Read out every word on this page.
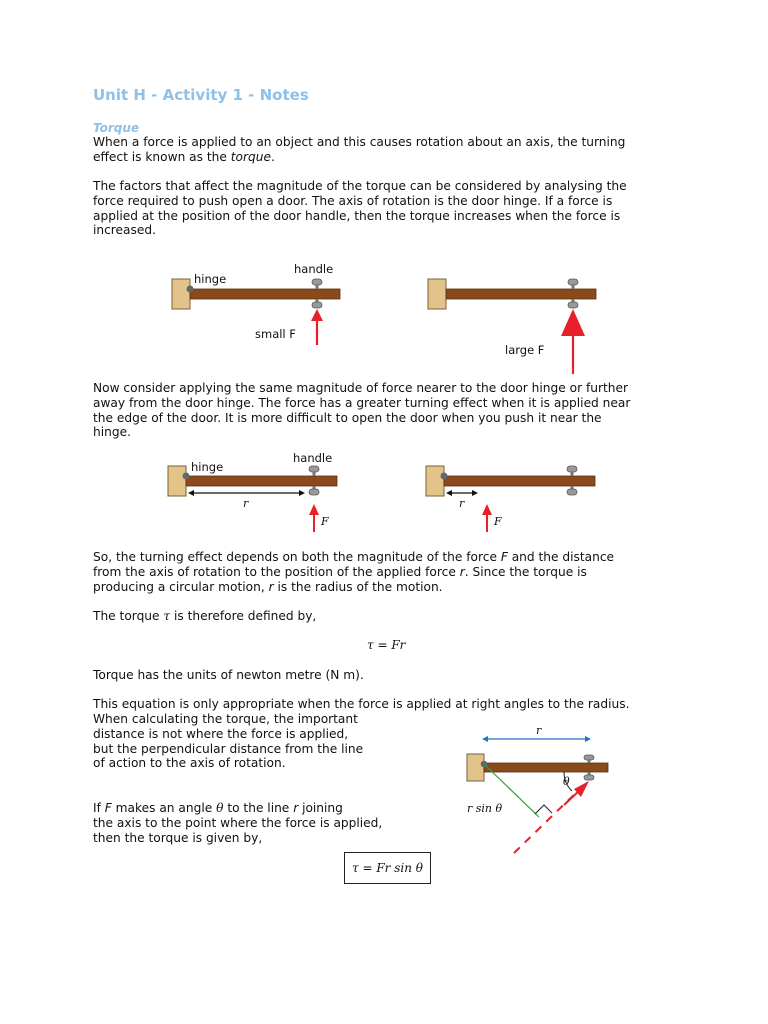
Unit H - Activity 1 - Notes
Torque

When a force is applied to an object and this causes rotation about an axis, the turning
effect is known as the torque.

The factors that affect the magnitude of the torque can be considered by analysing the
force required to push open a door. The axis of rotation is the door hinge. If a force is
applied at the position of the door handle, then the torque increases when the force is
increased.

hinge
handle
small F
large F

Now consider applying the same magnitude of force nearer to the door hinge or further
away from the door hinge. The force has a greater turning effect when it is applied near
the edge of the door. It is more difficult to open the door when you push it near the
hinge.

hinge
handle
r
F
r
F

So, the turning effect depends on both the magnitude of the force F and the distance
from the axis of rotation to the position of the applied force r. Since the torque is
producing a circular motion, r is the radius of the motion.

The torque τ is therefore defined by,

τ = Fr

Torque has the units of newton metre (N m).

This equation is only appropriate when the force is applied at right angles to the radius.

When calculating the torque, the important
distance is not where the force is applied,
but the perpendicular distance from the line
of action to the axis of rotation.

If F makes an angle θ to the line r joining
the axis to the point where the force is applied,
then the torque is given by,

r
θ
r sin θ
τ = Fr sin θ
